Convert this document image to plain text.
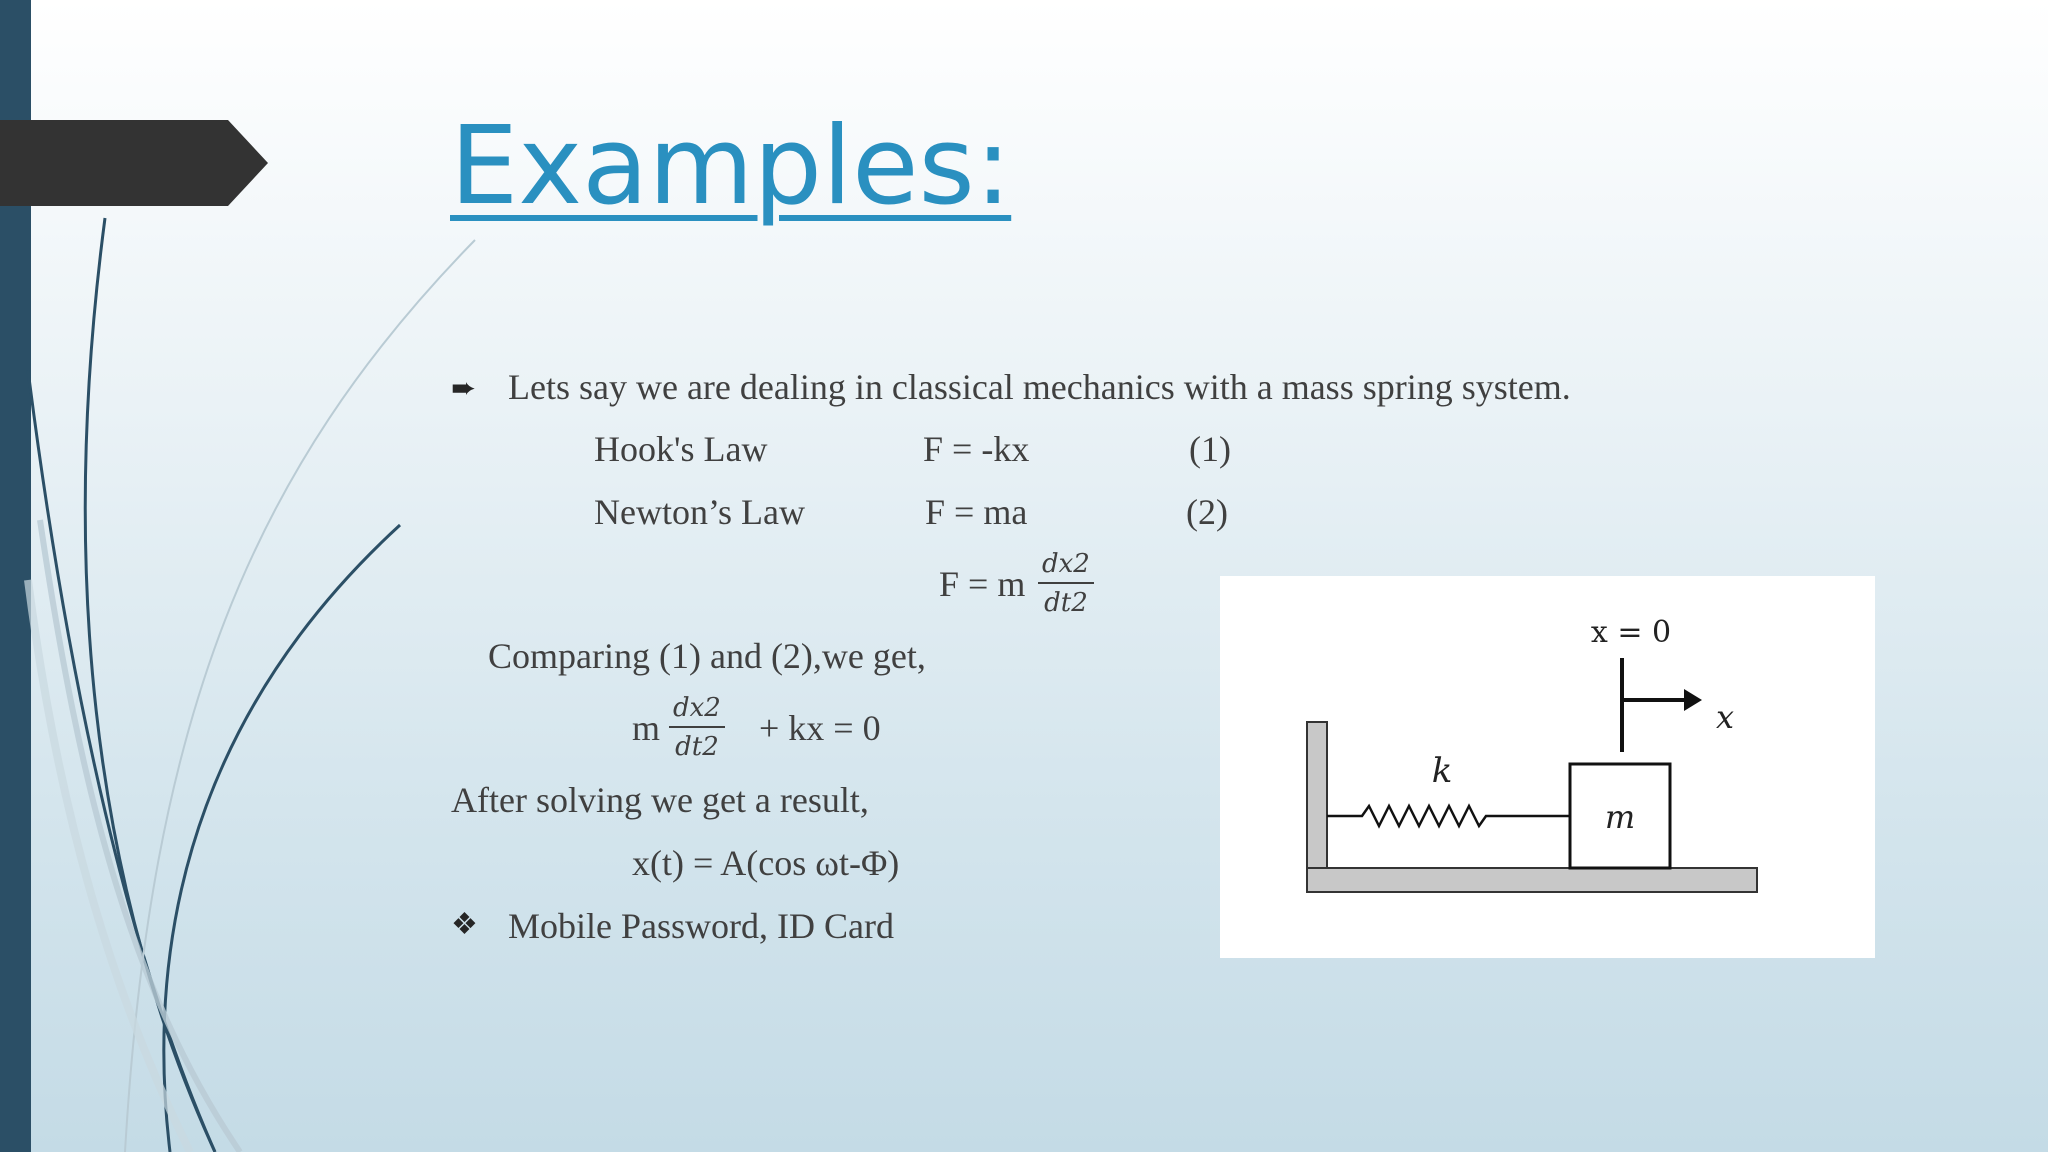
Examples:
➨ Lets say we are dealing in classical mechanics with a mass spring system.
Hook's Law	F = -kx	(1)
Newton’s Law	F = ma	(2)
F = m dx2
dt2
Comparing (1) and (2),we get,
m dx2
dt2 + kx = 0
After solving we get a result,
x(t) = A(cos ωt-Φ)
❖ Mobile Password, ID Card
x = 0
x
k
m
